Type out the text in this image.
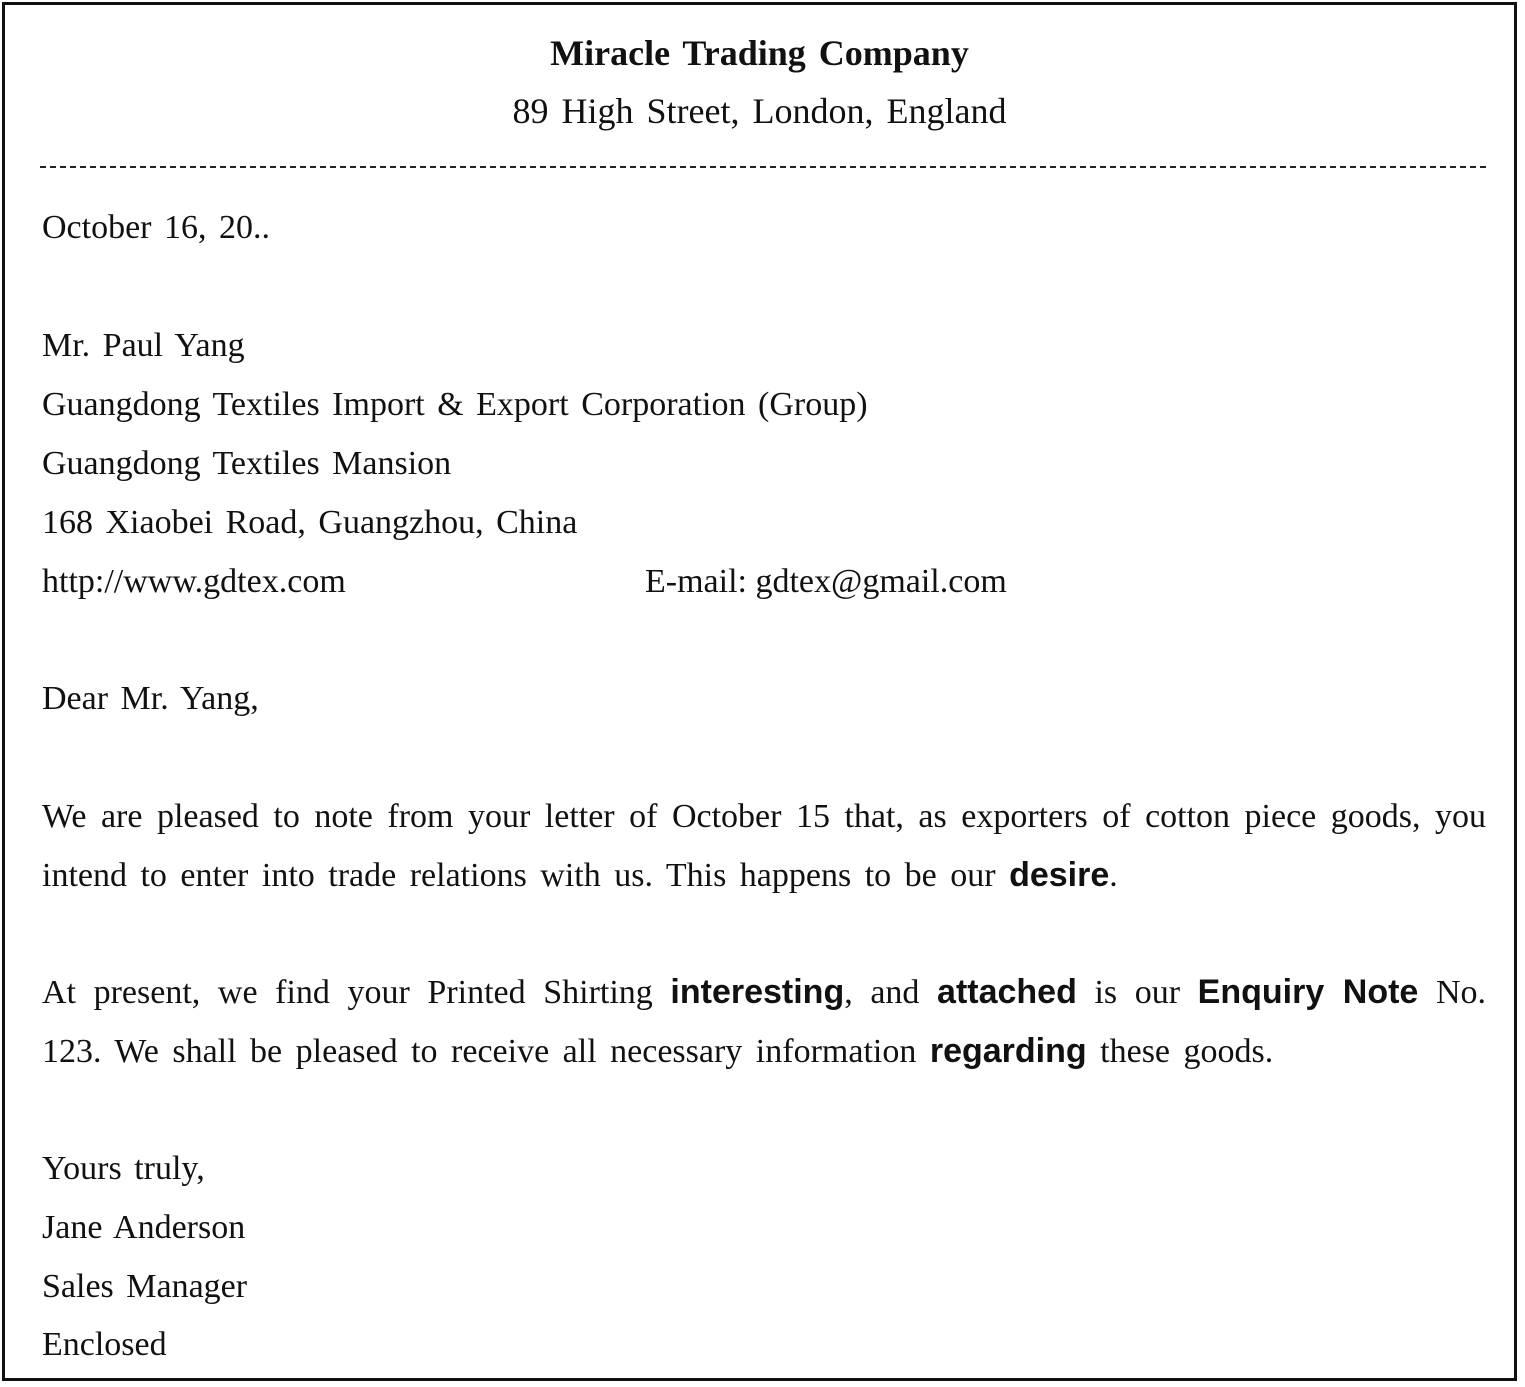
Miracle Trading Company
89 High Street, London, England
October 16, 20..
Mr. Paul Yang
Guangdong Textiles Import & Export Corporation (Group)
Guangdong Textiles Mansion
168 Xiaobei Road, Guangzhou, China
http://www.gdtex.com	E-mail: gdtex@gmail.com
Dear Mr. Yang,
We are pleased to note from your letter of October 15 that, as exporters of cotton piece goods, you intend to enter into trade relations with us. This happens to be our desire.
At present, we find your Printed Shirting interesting, and attached is our Enquiry Note No. 123. We shall be pleased to receive all necessary information regarding these goods.
Yours truly,
Jane Anderson
Sales Manager
Enclosed
